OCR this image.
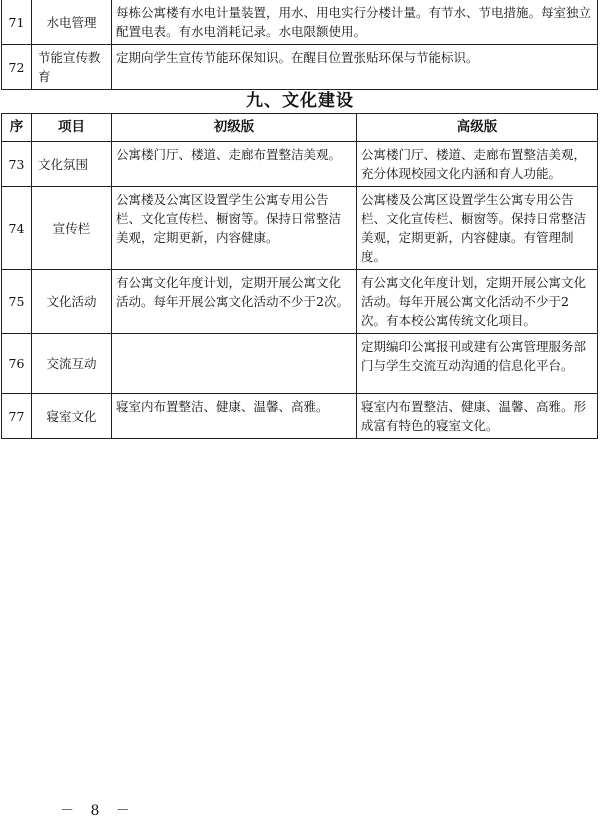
71	水电管理	每栋公寓楼有水电计量装置，用水、用电实行分楼计量。有节水、节电措施。每室独立配置电表。有水电消耗记录。水电限额使用。
72	节能宣传教育	定期向学生宣传节能环保知识。在醒目位置张贴环保与节能标识。
九、文化建设
序	项目	初级版	高级版
73	文化氛围	公寓楼门厅、楼道、走廊布置整洁美观。	公寓楼门厅、楼道、走廊布置整洁美观，充分体现校园文化内涵和育人功能。
74	宣传栏	公寓楼及公寓区设置学生公寓专用公告栏、文化宣传栏、橱窗等。保持日常整洁美观，定期更新，内容健康。	公寓楼及公寓区设置学生公寓专用公告栏、文化宣传栏、橱窗等。保持日常整洁美观，定期更新，内容健康。有管理制度。
75	文化活动	有公寓文化年度计划，定期开展公寓文化活动。每年开展公寓文化活动不少于2次。	有公寓文化年度计划，定期开展公寓文化活动。每年开展公寓文化活动不少于2次。有本校公寓传统文化项目。
76	交流互动		定期编印公寓报刊或建有公寓管理服务部门与学生交流互动沟通的信息化平台。
77	寝室文化	寝室内布置整洁、健康、温馨、高雅。	寝室内布置整洁、健康、温馨、高雅。形成富有特色的寝室文化。
－ 8 －
